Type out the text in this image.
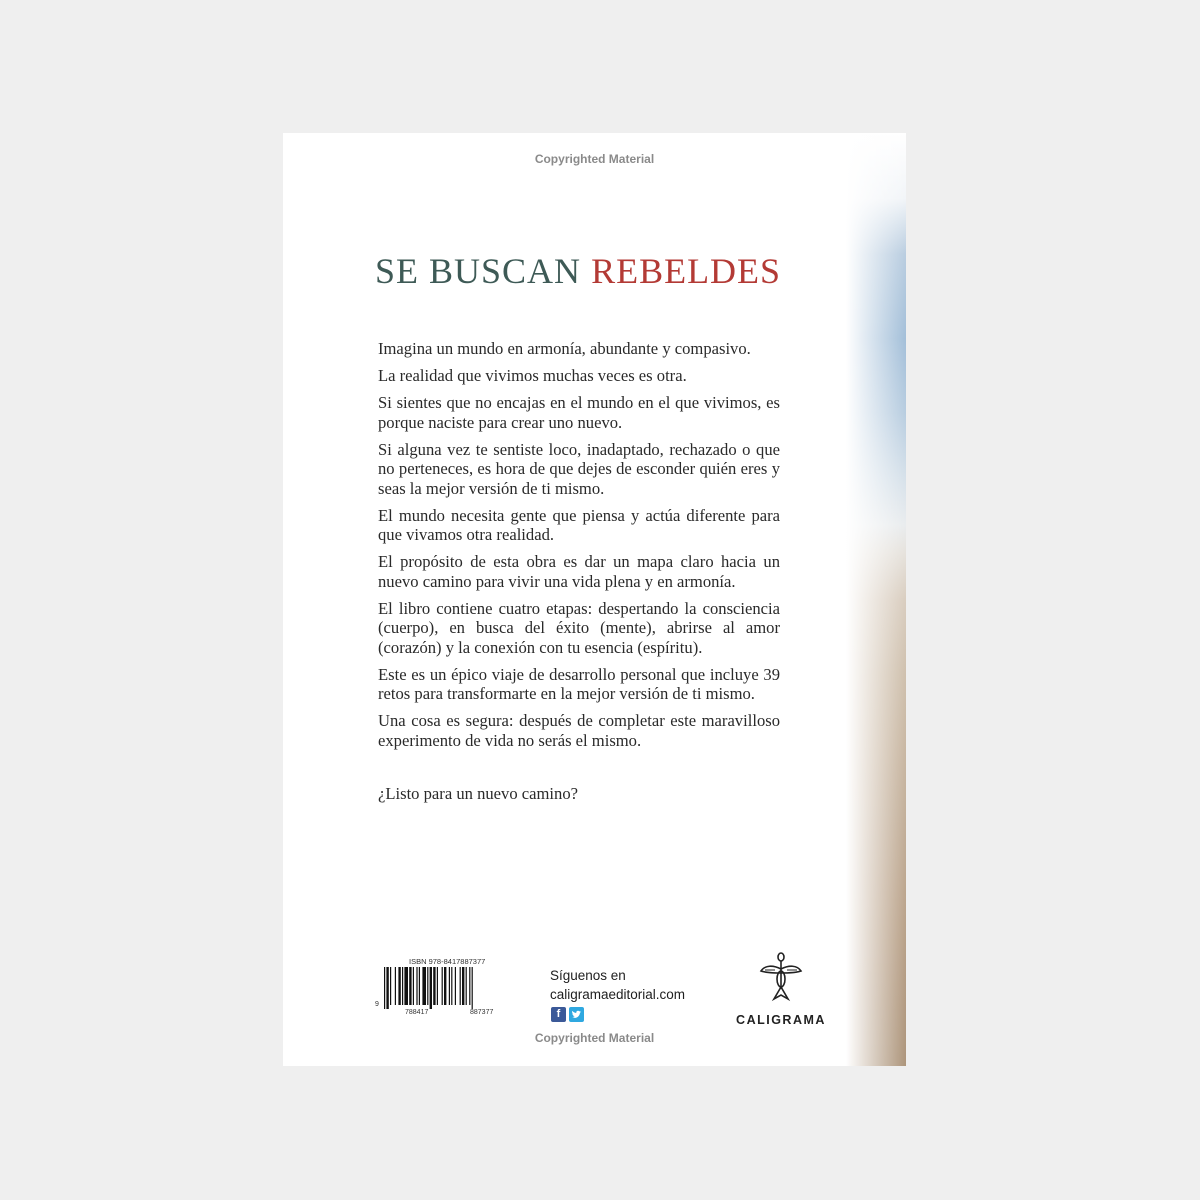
Copyrighted Material
SE BUSCAN REBELDES

Imagina un mundo en armonía, abundante y compasivo.

La realidad que vivimos muchas veces es otra.

Si sientes que no encajas en el mundo en el que vivimos, es porque naciste para crear uno nuevo.

Si alguna vez te sentiste loco, inadaptado, rechazado o que no perteneces, es hora de que dejes de esconder quién eres y seas la mejor versión de ti mismo.

El mundo necesita gente que piensa y actúa diferente para que vivamos otra realidad.

El propósito de esta obra es dar un mapa claro hacia un nuevo camino para vivir una vida plena y en armonía.

El libro contiene cuatro etapas: despertando la consciencia (cuerpo), en busca del éxito (mente), abrirse al amor (corazón) y la conexión con tu esencia (espíritu).

Este es un épico viaje de desarrollo personal que incluye 39 retos para transformarte en la mejor versión de ti mismo.

Una cosa es segura: después de completar este maravilloso experimento de vida no serás el mismo.

¿Listo para un nuevo camino?
ISBN 978-8417887377
9
788417	887377
Síguenos en
caligramaeditorial.com
f	CALIGRAMA
Copyrighted Material
